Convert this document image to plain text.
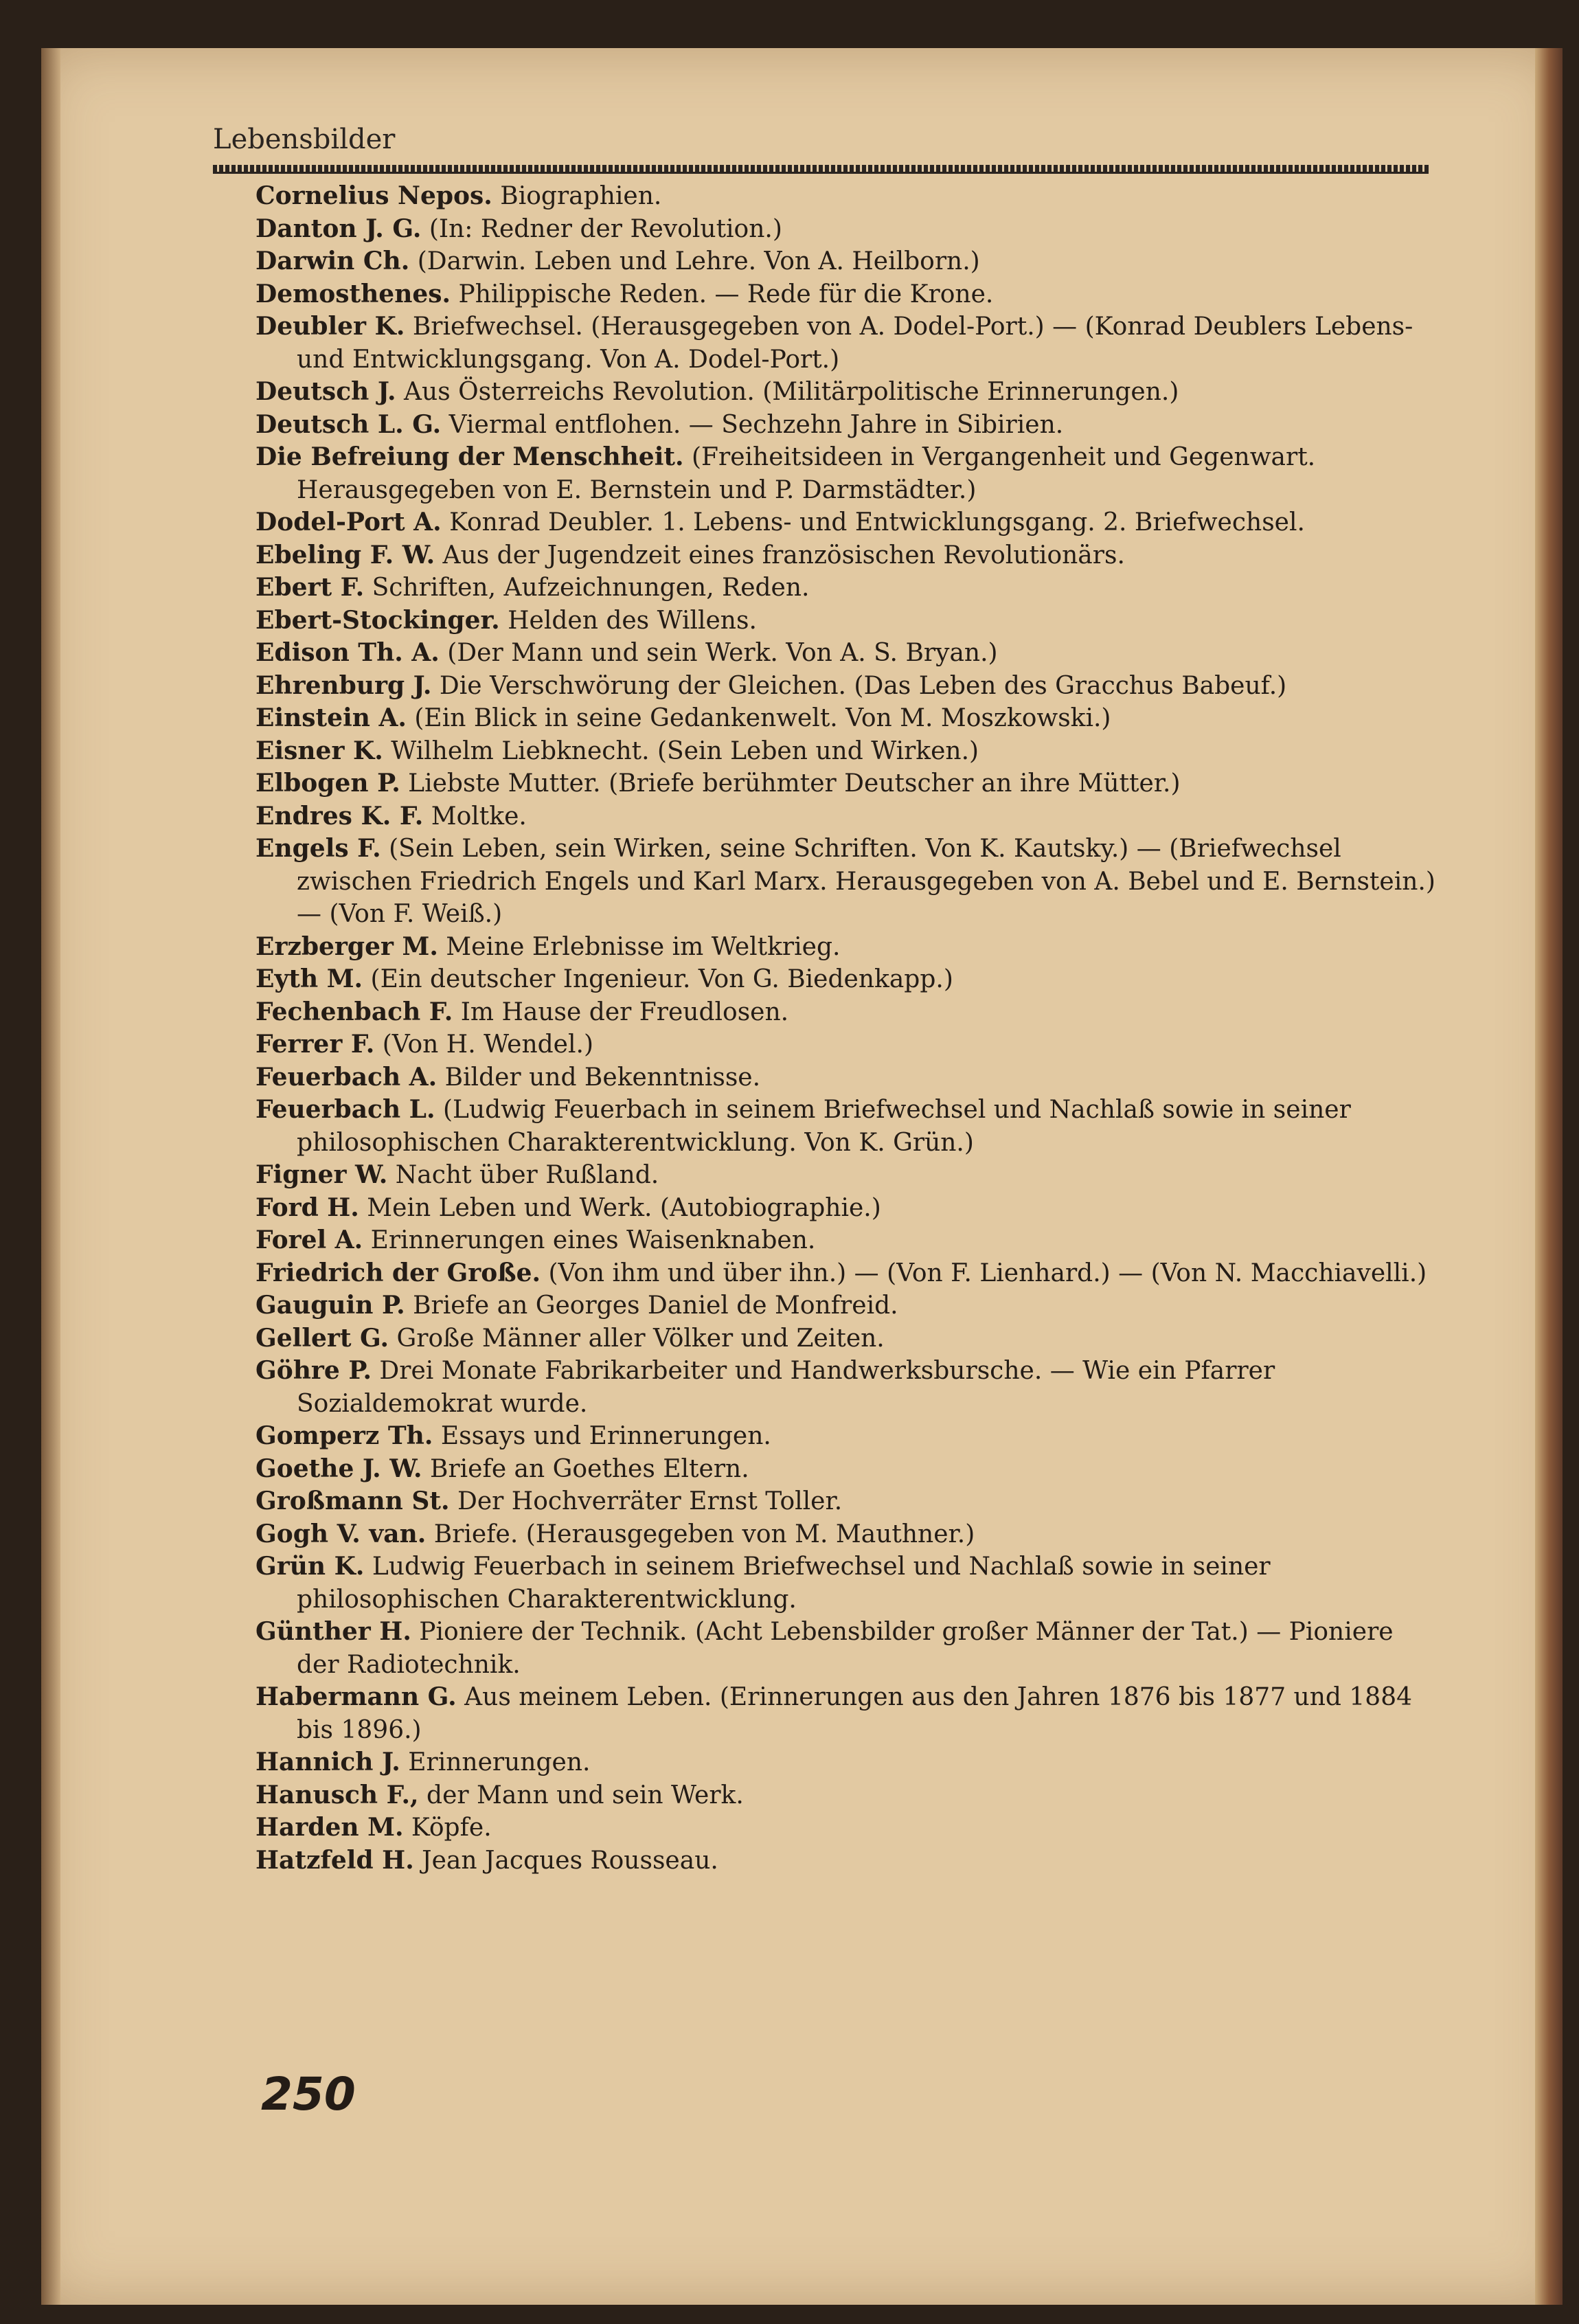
Lebensbilder
Cornelius Nepos. Biographien.
Danton J. G. (In: Redner der Revolution.)
Darwin Ch. (Darwin. Leben und Lehre. Von A. Heilborn.)
Demosthenes. Philippische Reden. — Rede für die Krone.
Deubler K. Briefwechsel. (Herausgegeben von A. Dodel-Port.) — (Konrad Deublers Lebens- und Entwicklungsgang. Von A. Dodel-Port.)
Deutsch J. Aus Österreichs Revolution. (Militärpolitische Erinnerungen.)
Deutsch L. G. Viermal entflohen. — Sechzehn Jahre in Sibirien.
Die Befreiung der Menschheit. (Freiheitsideen in Vergangenheit und Gegenwart. Herausgegeben von E. Bernstein und P. Darmstädter.)
Dodel-Port A. Konrad Deubler. 1. Lebens- und Entwicklungsgang. 2. Briefwechsel.
Ebeling F. W. Aus der Jugendzeit eines französischen Revolutionärs.
Ebert F. Schriften, Aufzeichnungen, Reden.
Ebert-Stockinger. Helden des Willens.
Edison Th. A. (Der Mann und sein Werk. Von A. S. Bryan.)
Ehrenburg J. Die Verschwörung der Gleichen. (Das Leben des Gracchus Babeuf.)
Einstein A. (Ein Blick in seine Gedankenwelt. Von M. Moszkowski.)
Eisner K. Wilhelm Liebknecht. (Sein Leben und Wirken.)
Elbogen P. Liebste Mutter. (Briefe berühmter Deutscher an ihre Mütter.)
Endres K. F. Moltke.
Engels F. (Sein Leben, sein Wirken, seine Schriften. Von K. Kautsky.) — (Briefwechsel zwischen Friedrich Engels und Karl Marx. Herausgegeben von A. Bebel und E. Bernstein.) — (Von F. Weiß.)
Erzberger M. Meine Erlebnisse im Weltkrieg.
Eyth M. (Ein deutscher Ingenieur. Von G. Biedenkapp.)
Fechenbach F. Im Hause der Freudlosen.
Ferrer F. (Von H. Wendel.)
Feuerbach A. Bilder und Bekenntnisse.
Feuerbach L. (Ludwig Feuerbach in seinem Briefwechsel und Nachlaß sowie in seiner philosophischen Charakterentwicklung. Von K. Grün.)
Figner W. Nacht über Rußland.
Ford H. Mein Leben und Werk. (Autobiographie.)
Forel A. Erinnerungen eines Waisenknaben.
Friedrich der Große. (Von ihm und über ihn.) — (Von F. Lienhard.) — (Von N. Macchiavelli.)
Gauguin P. Briefe an Georges Daniel de Monfreid.
Gellert G. Große Männer aller Völker und Zeiten.
Göhre P. Drei Monate Fabrikarbeiter und Handwerksbursche. — Wie ein Pfarrer Sozialdemokrat wurde.
Gomperz Th. Essays und Erinnerungen.
Goethe J. W. Briefe an Goethes Eltern.
Großmann St. Der Hochverräter Ernst Toller.
Gogh V. van. Briefe. (Herausgegeben von M. Mauthner.)
Grün K. Ludwig Feuerbach in seinem Briefwechsel und Nachlaß sowie in seiner philosophischen Charakterentwicklung.
Günther H. Pioniere der Technik. (Acht Lebensbilder großer Männer der Tat.) — Pioniere der Radiotechnik.
Habermann G. Aus meinem Leben. (Erinnerungen aus den Jahren 1876 bis 1877 und 1884 bis 1896.)
Hannich J. Erinnerungen.
Hanusch F., der Mann und sein Werk.
Harden M. Köpfe.
Hatzfeld H. Jean Jacques Rousseau.
250
